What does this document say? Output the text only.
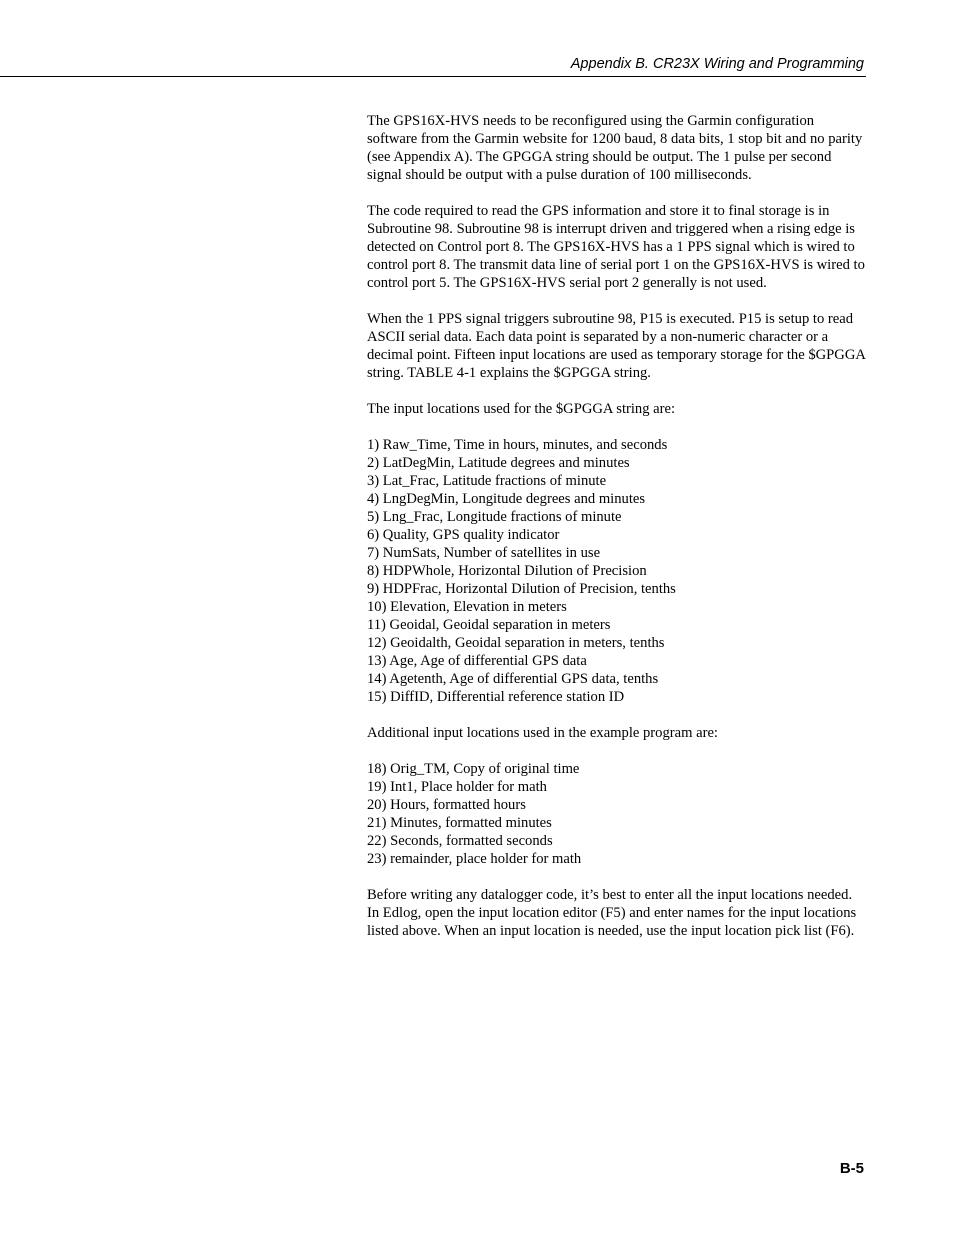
Appendix B. CR23X Wiring and Programming

The GPS16X-HVS needs to be reconfigured using the Garmin configuration software from the Garmin website for 1200 baud, 8 data bits, 1 stop bit and no parity (see Appendix A). The GPGGA string should be output. The 1 pulse per second signal should be output with a pulse duration of 100 milliseconds.

The code required to read the GPS information and store it to final storage is in Subroutine 98. Subroutine 98 is interrupt driven and triggered when a rising edge is detected on Control port 8. The GPS16X-HVS has a 1 PPS signal which is wired to control port 8. The transmit data line of serial port 1 on the GPS16X-HVS is wired to control port 5. The GPS16X-HVS serial port 2 generally is not used.

When the 1 PPS signal triggers subroutine 98, P15 is executed. P15 is setup to read ASCII serial data. Each data point is separated by a non-numeric character or a decimal point. Fifteen input locations are used as temporary storage for the $GPGGA string. TABLE 4-1 explains the $GPGGA string.

The input locations used for the $GPGGA string are:

1) Raw_Time, Time in hours, minutes, and seconds
2) LatDegMin, Latitude degrees and minutes
3) Lat_Frac, Latitude fractions of minute
4) LngDegMin, Longitude degrees and minutes
5) Lng_Frac, Longitude fractions of minute
6) Quality, GPS quality indicator
7) NumSats, Number of satellites in use
8) HDPWhole, Horizontal Dilution of Precision
9) HDPFrac, Horizontal Dilution of Precision, tenths
10) Elevation, Elevation in meters
11) Geoidal, Geoidal separation in meters
12) Geoidalth, Geoidal separation in meters, tenths
13) Age, Age of differential GPS data
14) Agetenth, Age of differential GPS data, tenths
15) DiffID, Differential reference station ID

Additional input locations used in the example program are:

18) Orig_TM, Copy of original time
19) Int1, Place holder for math
20) Hours, formatted hours
21) Minutes, formatted minutes
22) Seconds, formatted seconds
23) remainder, place holder for math

Before writing any datalogger code, it’s best to enter all the input locations needed. In Edlog, open the input location editor (F5) and enter names for the input locations listed above. When an input location is needed, use the input location pick list (F6).

B-5
